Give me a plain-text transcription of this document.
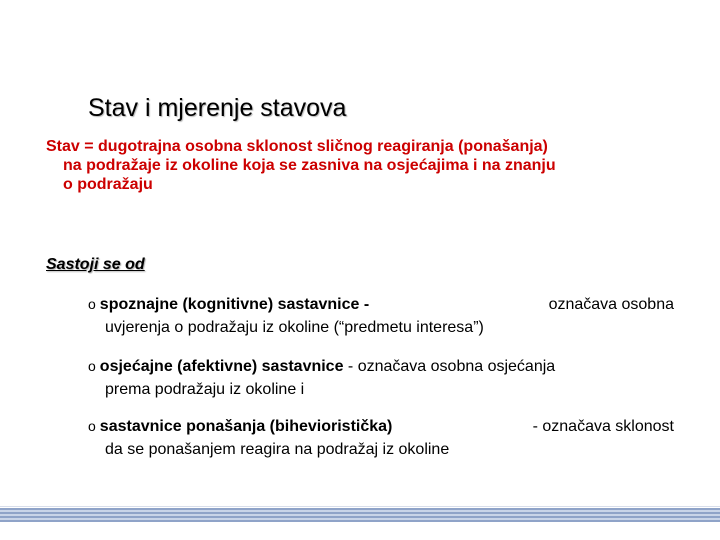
Stav i mjerenje stavova
Stav = dugotrajna osobna sklonost sličnog reagiranja (ponašanja)
na podražaje iz okoline koja se zasniva na osjećajima i na znanju
o podražaju
Sastoji se od
o spoznajne (kognitivne) sastavnice -	označava osobna
uvjerenja o podražaju iz okoline (“predmetu interesa”)
o osjećajne (afektivne) sastavnice - označava osobna osjećanja
prema podražaju iz okoline i
o sastavnice ponašanja (bihevioristička)	- označava sklonost
da se ponašanjem reagira na podražaj iz okoline
